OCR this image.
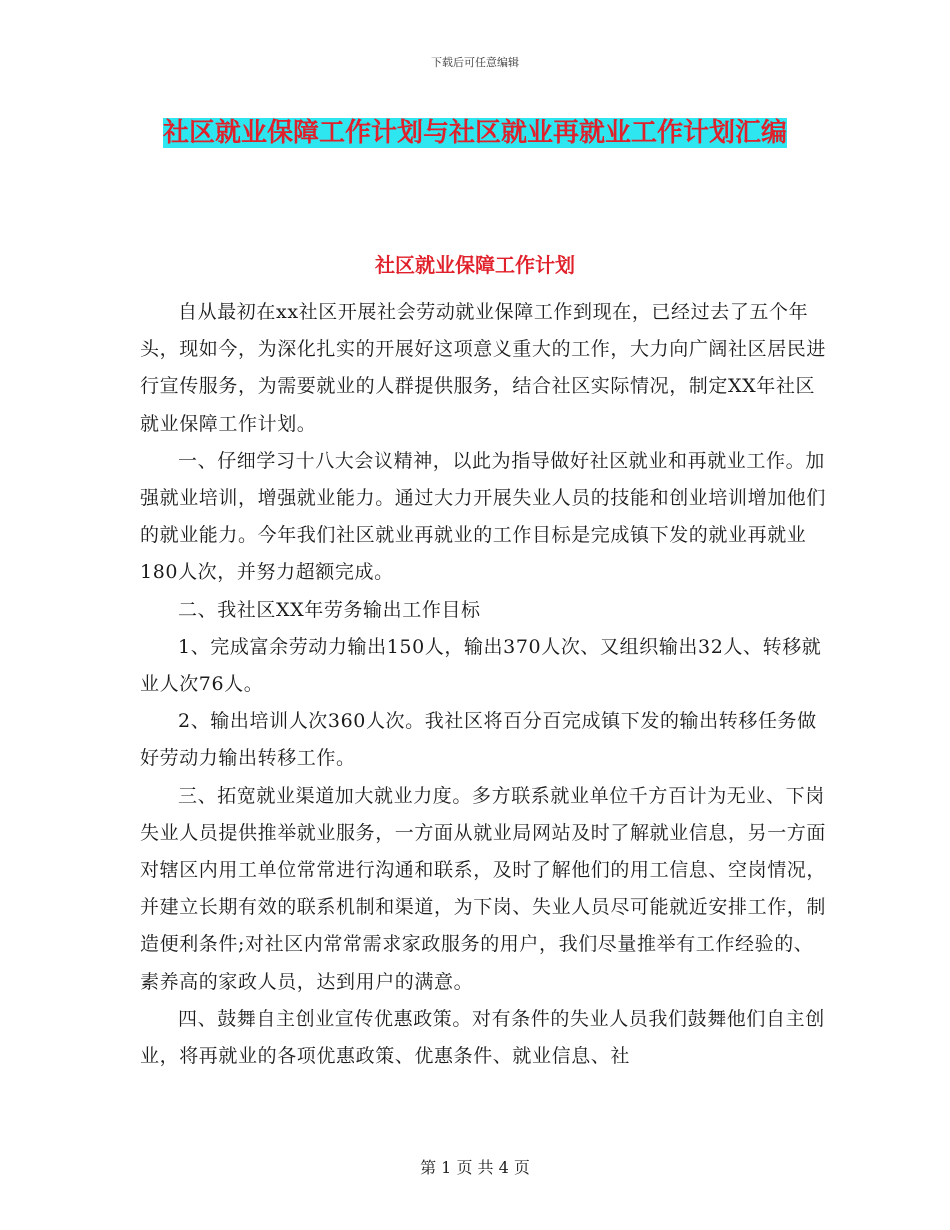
下载后可任意编辑
社区就业保障工作计划与社区就业再就业工作计划汇编
社区就业保障工作计划

自从最初在xx社区开展社会劳动就业保障工作到现在，已经过去了五个年头，现如今，为深化扎实的开展好这项意义重大的工作，大力向广阔社区居民进行宣传服务，为需要就业的人群提供服务，结合社区实际情况，制定XX年社区就业保障工作计划。

一、仔细学习十八大会议精神，以此为指导做好社区就业和再就业工作。加强就业培训，增强就业能力。通过大力开展失业人员的技能和创业培训增加他们的就业能力。今年我们社区就业再就业的工作目标是完成镇下发的就业再就业180人次，并努力超额完成。

二、我社区XX年劳务输出工作目标

1、完成富余劳动力输出150人，输出370人次、又组织输出32人、转移就业人次76人。

2、输出培训人次360人次。我社区将百分百完成镇下发的输出转移任务做好劳动力输出转移工作。

三、拓宽就业渠道加大就业力度。多方联系就业单位千方百计为无业、下岗失业人员提供推举就业服务，一方面从就业局网站及时了解就业信息，另一方面对辖区内用工单位常常进行沟通和联系，及时了解他们的用工信息、空岗情况，并建立长期有效的联系机制和渠道，为下岗、失业人员尽可能就近安排工作，制造便利条件;对社区内常常需求家政服务的用户，我们尽量推举有工作经验的、素养高的家政人员，达到用户的满意。

四、鼓舞自主创业宣传优惠政策。对有条件的失业人员我们鼓舞他们自主创业，将再就业的各项优惠政策、优惠条件、就业信息、社

第 1 页 共 4 页
